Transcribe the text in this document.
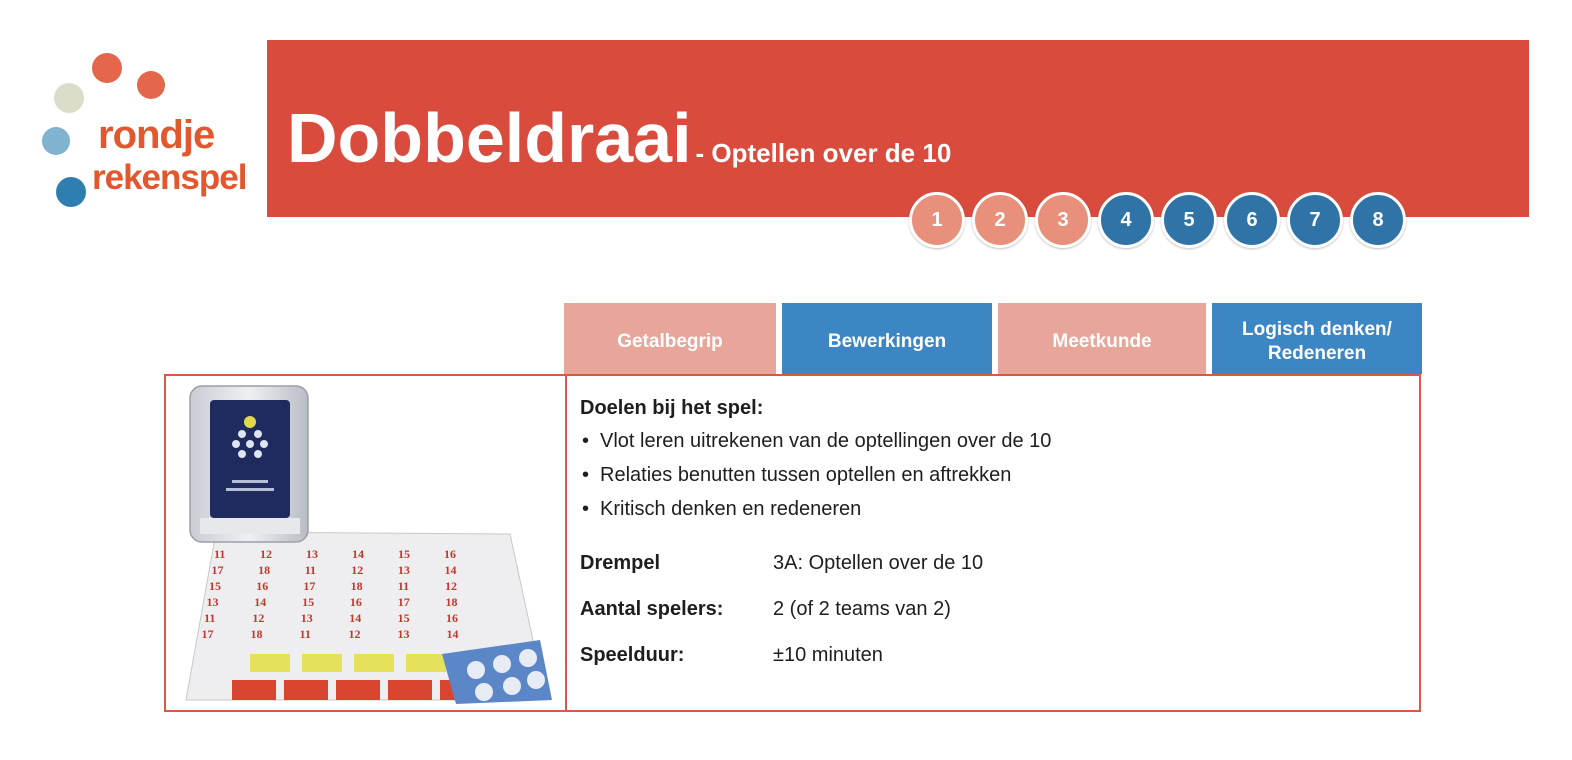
rondje
rekenspel
Dobbeldraai - Optellen over de 10
1	2	3	4	5	6	7	8
Getalbegrip	Bewerkingen	Meetkunde
Logisch denken/
Redeneren
11	12	13	14	15	16
17	18	11	12	13	14
15	16	17	18	11	12
13	14	15	16	17	18
11	12	13	14	15	16
17	18	11	12	13	14
Doelen bij het spel:
• Vlot leren uitrekenen van de optellingen over de 10
• Relaties benutten tussen optellen en aftrekken
• Kritisch denken en redeneren
Drempel	3A: Optellen over de 10
Aantal spelers:	2 (of 2 teams van 2)
Speelduur:	±10 minuten
